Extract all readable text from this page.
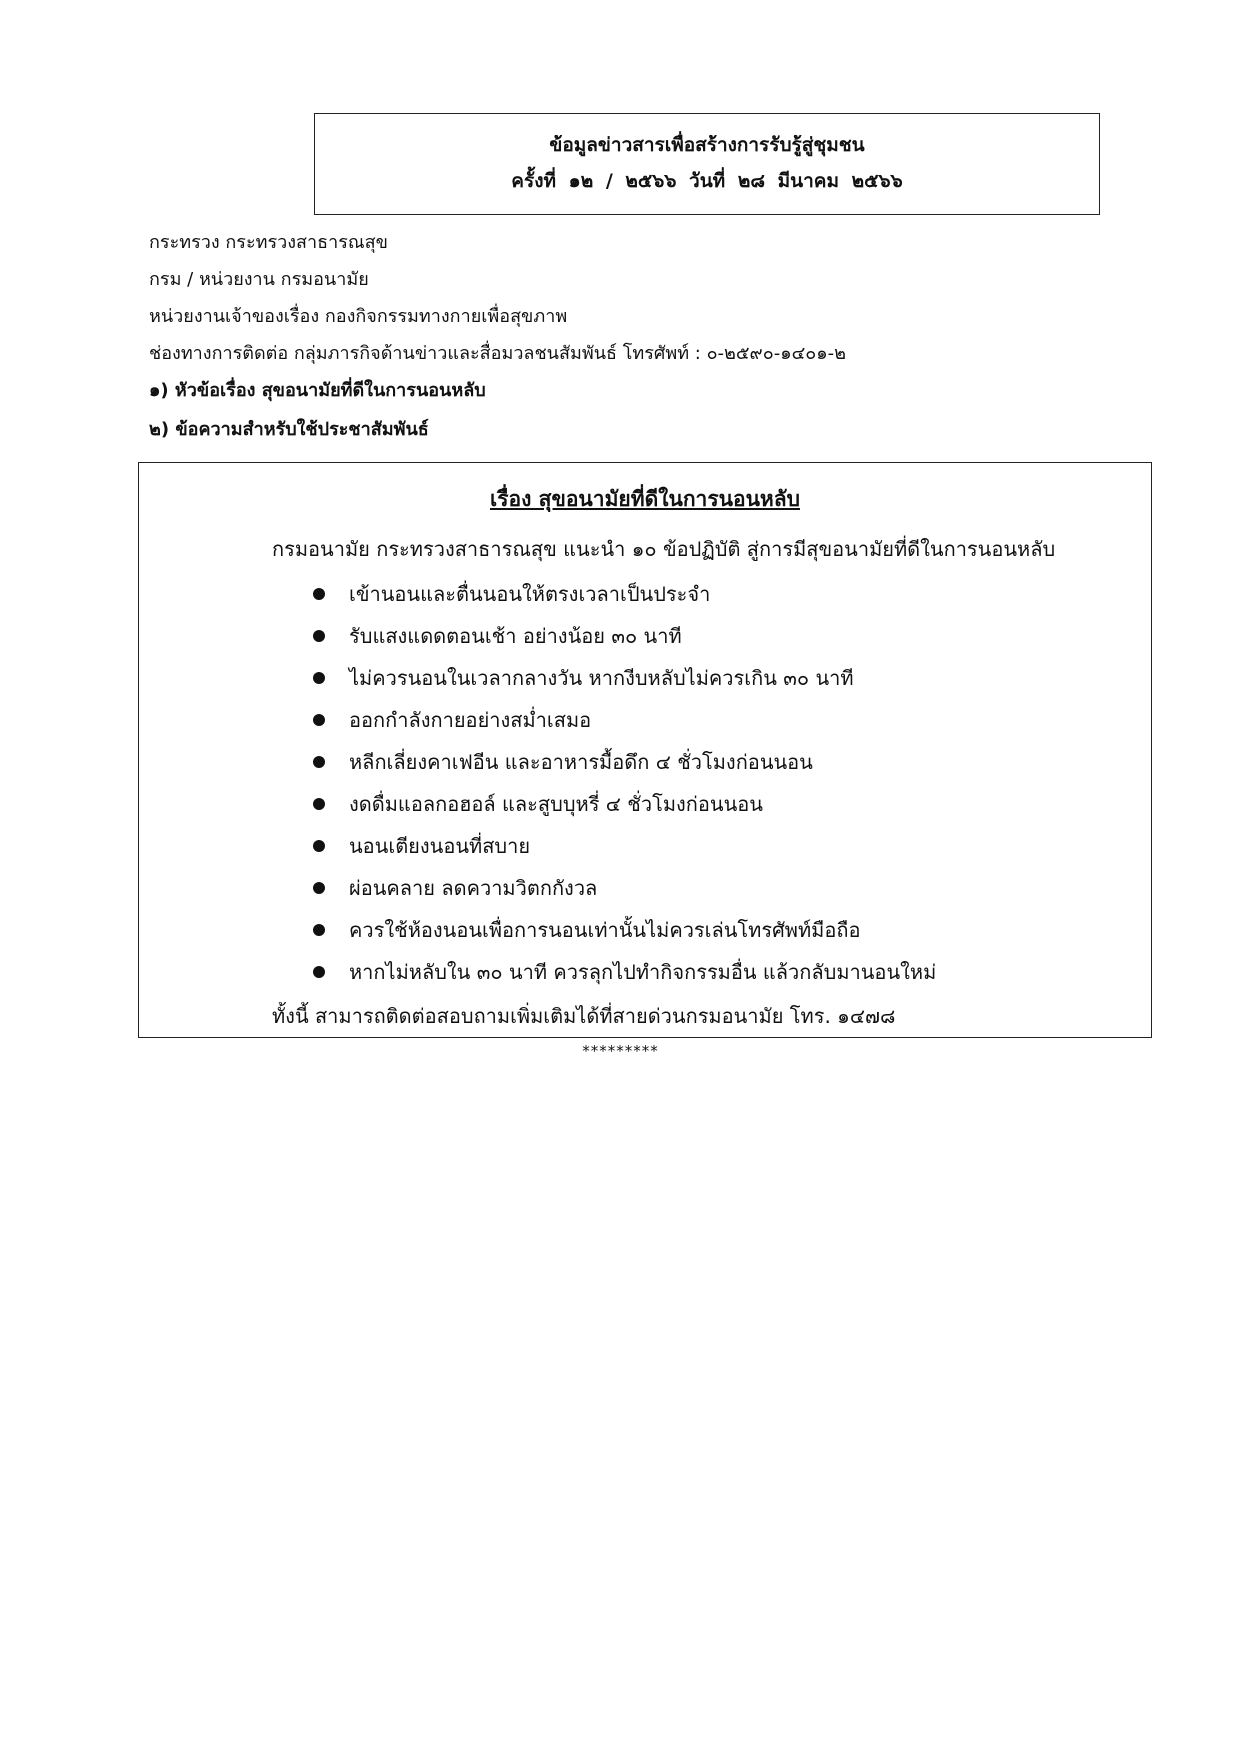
ข้อมูลข่าวสารเพื่อสร้างการรับรู้สู่ชุมชน
ครั้งที่ ๑๒ / ๒๕๖๖ วันที่ ๒๘ มีนาคม ๒๕๖๖
กระทรวง กระทรวงสาธารณสุข
กรม / หน่วยงาน กรมอนามัย
หน่วยงานเจ้าของเรื่อง กองกิจกรรมทางกายเพื่อสุขภาพ
ช่องทางการติดต่อ กลุ่มภารกิจด้านข่าวและสื่อมวลชนสัมพันธ์ โทรศัพท์ : ๐-๒๕๙๐-๑๔๐๑-๒
๑) หัวข้อเรื่อง สุขอนามัยที่ดีในการนอนหลับ
๒) ข้อความสำหรับใช้ประชาสัมพันธ์
เรื่อง สุขอนามัยที่ดีในการนอนหลับ
กรมอนามัย กระทรวงสาธารณสุข แนะนำ ๑๐ ข้อปฏิบัติ สู่การมีสุขอนามัยที่ดีในการนอนหลับ
เข้านอนและตื่นนอนให้ตรงเวลาเป็นประจำ
รับแสงแดดตอนเช้า อย่างน้อย ๓๐ นาที
ไม่ควรนอนในเวลากลางวัน หากงีบหลับไม่ควรเกิน ๓๐ นาที
ออกกำลังกายอย่างสม่ำเสมอ
หลีกเลี่ยงคาเฟอีน และอาหารมื้อดึก ๔ ชั่วโมงก่อนนอน
งดดื่มแอลกอฮอล์ และสูบบุหรี่ ๔ ชั่วโมงก่อนนอน
นอนเตียงนอนที่สบาย
ผ่อนคลาย ลดความวิตกกังวล
ควรใช้ห้องนอนเพื่อการนอนเท่านั้นไม่ควรเล่นโทรศัพท์มือถือ
หากไม่หลับใน ๓๐ นาที ควรลุกไปทำกิจกรรมอื่น แล้วกลับมานอนใหม่
ทั้งนี้ สามารถติดต่อสอบถามเพิ่มเติมได้ที่สายด่วนกรมอนามัย โทร. ๑๔๗๘
*********
